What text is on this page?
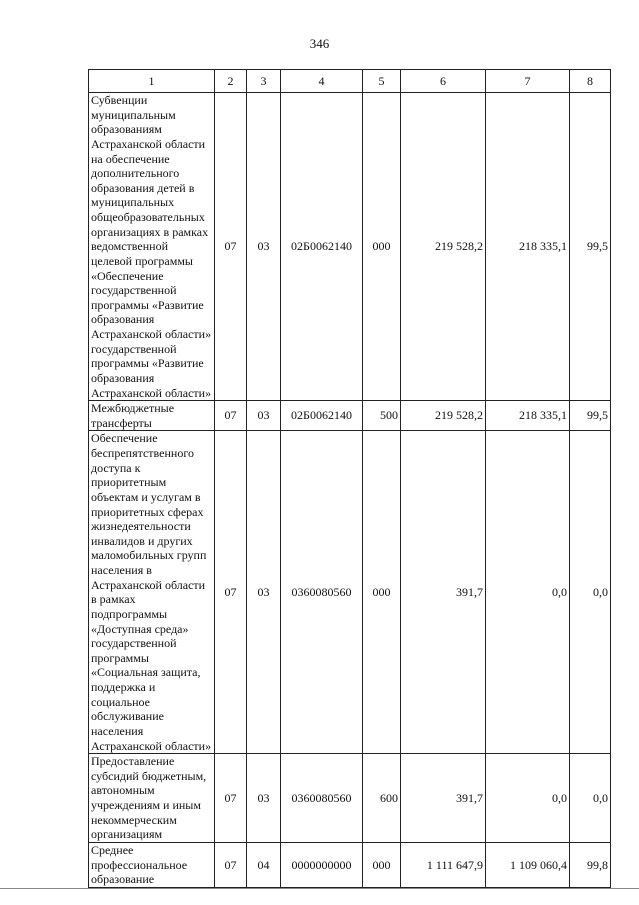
346
1	2	3	4	5	6	7	8
Субвенции муниципальным образованиям Астраханской области на обеспечение дополнительного образования детей в муниципальных общеобразовательных организациях в рамках ведомственной целевой программы «Обеспечение государственной программы «Развитие образования Астраханской области» государственной программы «Развитие образования Астраханской области»	07	03	02Б0062140	000	219 528,2	218 335,1	99,5
Межбюджетные трансферты	07	03	02Б0062140	500	219 528,2	218 335,1	99,5
Обеспечение беспрепятственного доступа к приоритетным объектам и услугам в приоритетных сферах жизнедеятельности инвалидов и других маломобильных групп населения в Астраханской области в рамках подпрограммы «Доступная среда» государственной программы «Социальная защита, поддержка и социальное обслуживание населения Астраханской области»	07	03	0360080560	000	391,7	0,0	0,0
Предоставление субсидий бюджетным, автономным учреждениям и иным некоммерческим организациям	07	03	0360080560	600	391,7	0,0	0,0
Среднее профессиональное образование	07	04	0000000000	000	1 111 647,9	1 109 060,4	99,8
